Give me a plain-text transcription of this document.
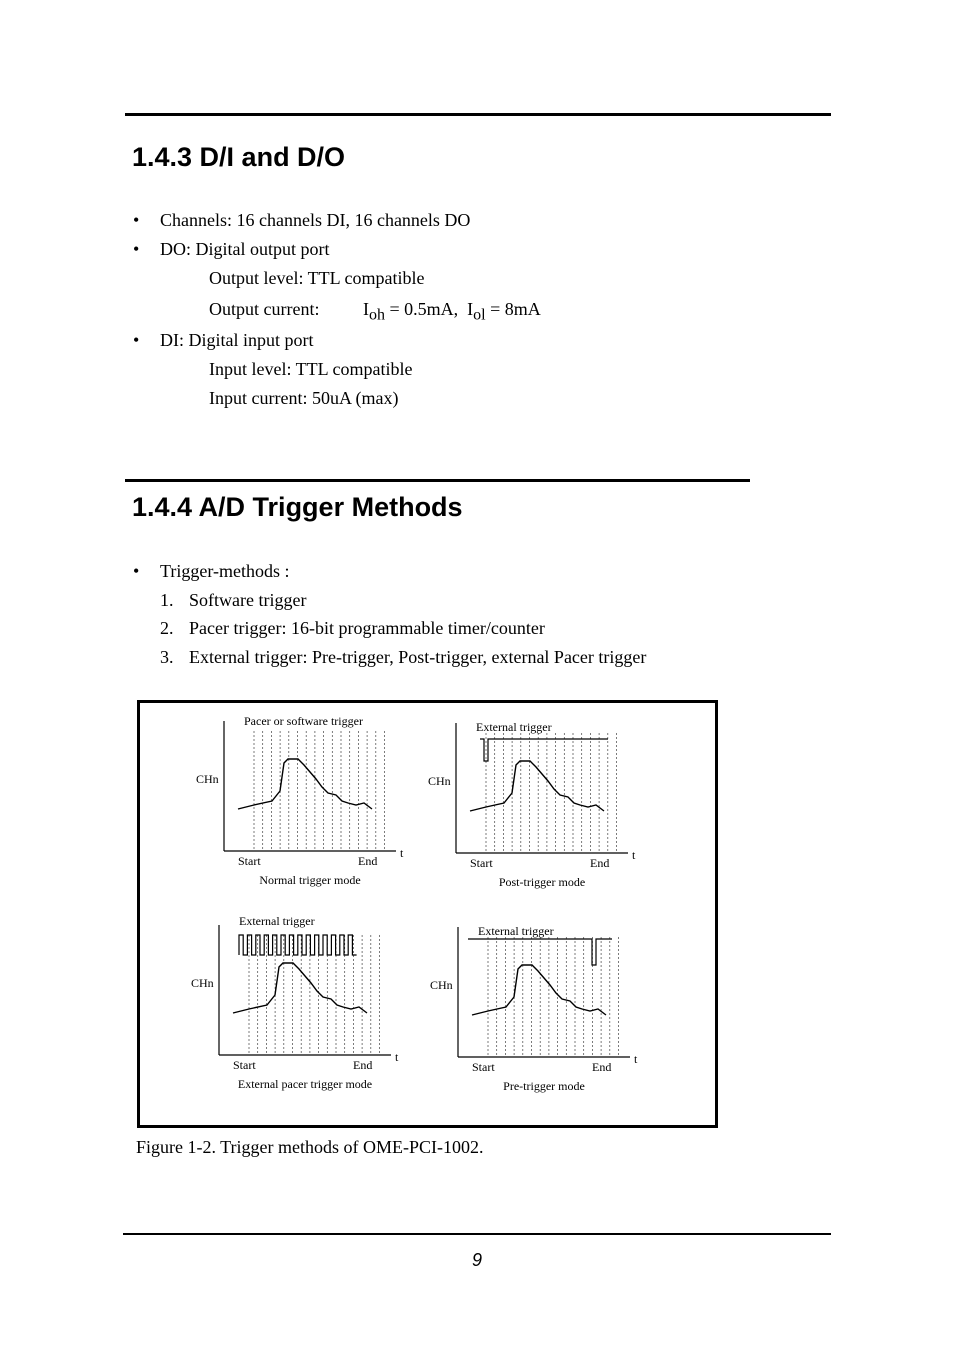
1.4.3 D/I and D/O
• Channels: 16 channels DI, 16 channels DO
• DO: Digital output port
Output level: TTL compatible
Output current: $I_{oh} = 0.5mA$, $I_{ol} = 8mA$
• DI: Digital input port
Input level: TTL compatible
Input current: 50uA (max)
1.4.4 A/D Trigger Methods
• Trigger-methods :
1. Software trigger
2. Pacer trigger: 16-bit programmable timer/counter
3. External trigger: Pre-trigger, Post-trigger, external Pacer trigger
Pacer or software trigger
CHn
t
Start	End
Normal trigger mode
External trigger
CHn
t
Start	End
Post-trigger mode
External trigger
CHn
t
Start	End
External pacer trigger mode
External trigger
CHn
t
Start	End
Pre-trigger mode
Figure 1-2. Trigger methods of OME-PCI-1002.
9
